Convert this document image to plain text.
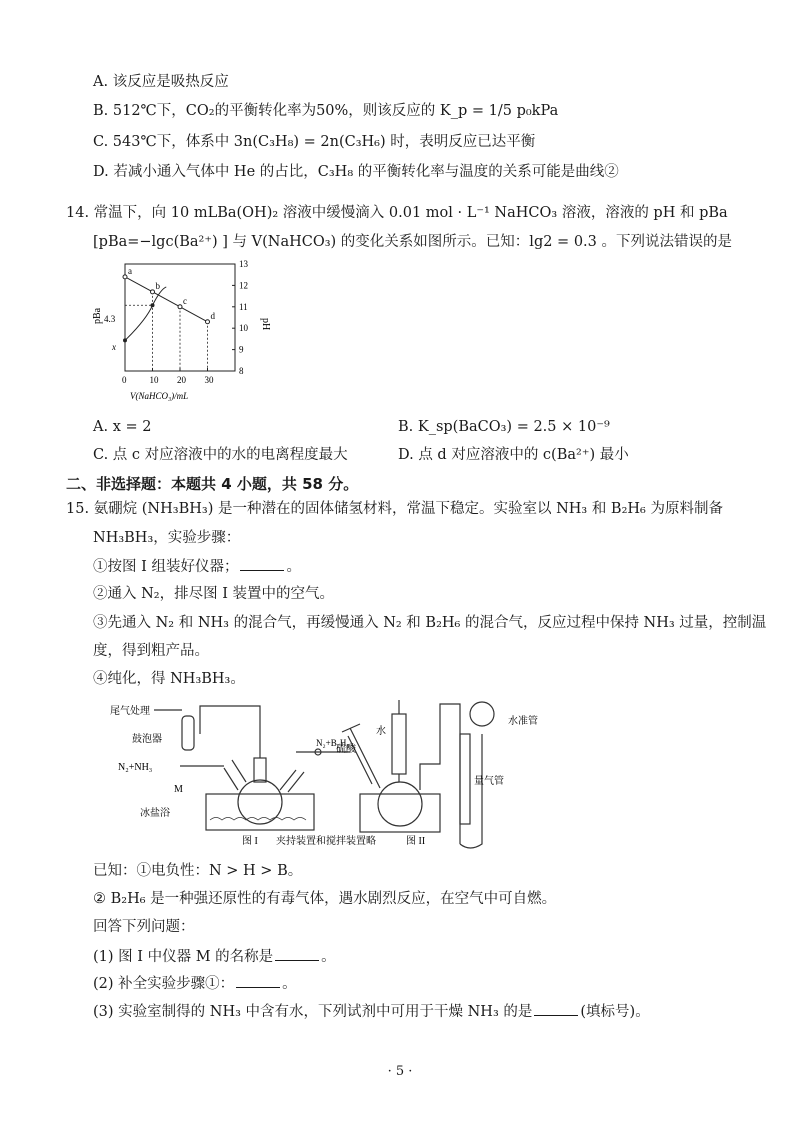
A. 该反应是吸热反应
B. 512℃下，CO₂的平衡转化率为50%，则该反应的 K_p = 1/5 p₀kPa
C. 543℃下，体系中 3n(C₃H₈) = 2n(C₃H₆) 时，表明反应已达平衡
D. 若减小通入气体中 He 的占比，C₃H₈ 的平衡转化率与温度的关系可能是曲线②
14. 常温下，向 10 mLBa(OH)₂ 溶液中缓慢滴入 0.01 mol · L⁻¹ NaHCO₃ 溶液，溶液的 pH 和 pBa
[pBa=−lgc(Ba²⁺) ] 与 V(NaHCO₃) 的变化关系如图所示。已知：lg2 = 0.3 。下列说法错误的是
8
9
10
11
12
13
0	10 20 30
a
b
c
d
pBa
pH
4.3
x
V(NaHCO₃)/mL
A. x = 2	B. K_sp(BaCO₃) = 2.5 × 10⁻⁹
C. 点 c 对应溶液中的水的电离程度最大	D. 点 d 对应溶液中的 c(Ba²⁺) 最小
二、非选择题：本题共 4 小题，共 58 分。
15. 氨硼烷 (NH₃BH₃) 是一种潜在的固体储氢材料，常温下稳定。实验室以 NH₃ 和 B₂H₆ 为原料制备
NH₃BH₃，实验步骤：
①按图 I 组装好仪器；	。
②通入 N₂，排尽图 I 装置中的空气。
③先通入 N₂ 和 NH₃ 的混合气，再缓慢通入 N₂ 和 B₂H₆ 的混合气，反应过程中保持 NH₃ 过量，控制温
度，得到粗产品。
④纯化，得 NH₃BH₃。
尾气处理
鼓泡器
N₂+NH₃
N₂+B₂H₆
M
冰盐浴
图 I 夹持装置和搅拌装置略
水
硫酸
水准管
量气管
图 II
已知：①电负性：N > H > B。
② B₂H₆ 是一种强还原性的有毒气体，遇水剧烈反应，在空气中可自燃。
回答下列问题：
(1) 图 I 中仪器 M 的名称是	。
(2) 补全实验步骤①：	。
(3) 实验室制得的 NH₃ 中含有水，下列试剂中可用于干燥 NH₃ 的是	(填标号)。
· 5 ·
